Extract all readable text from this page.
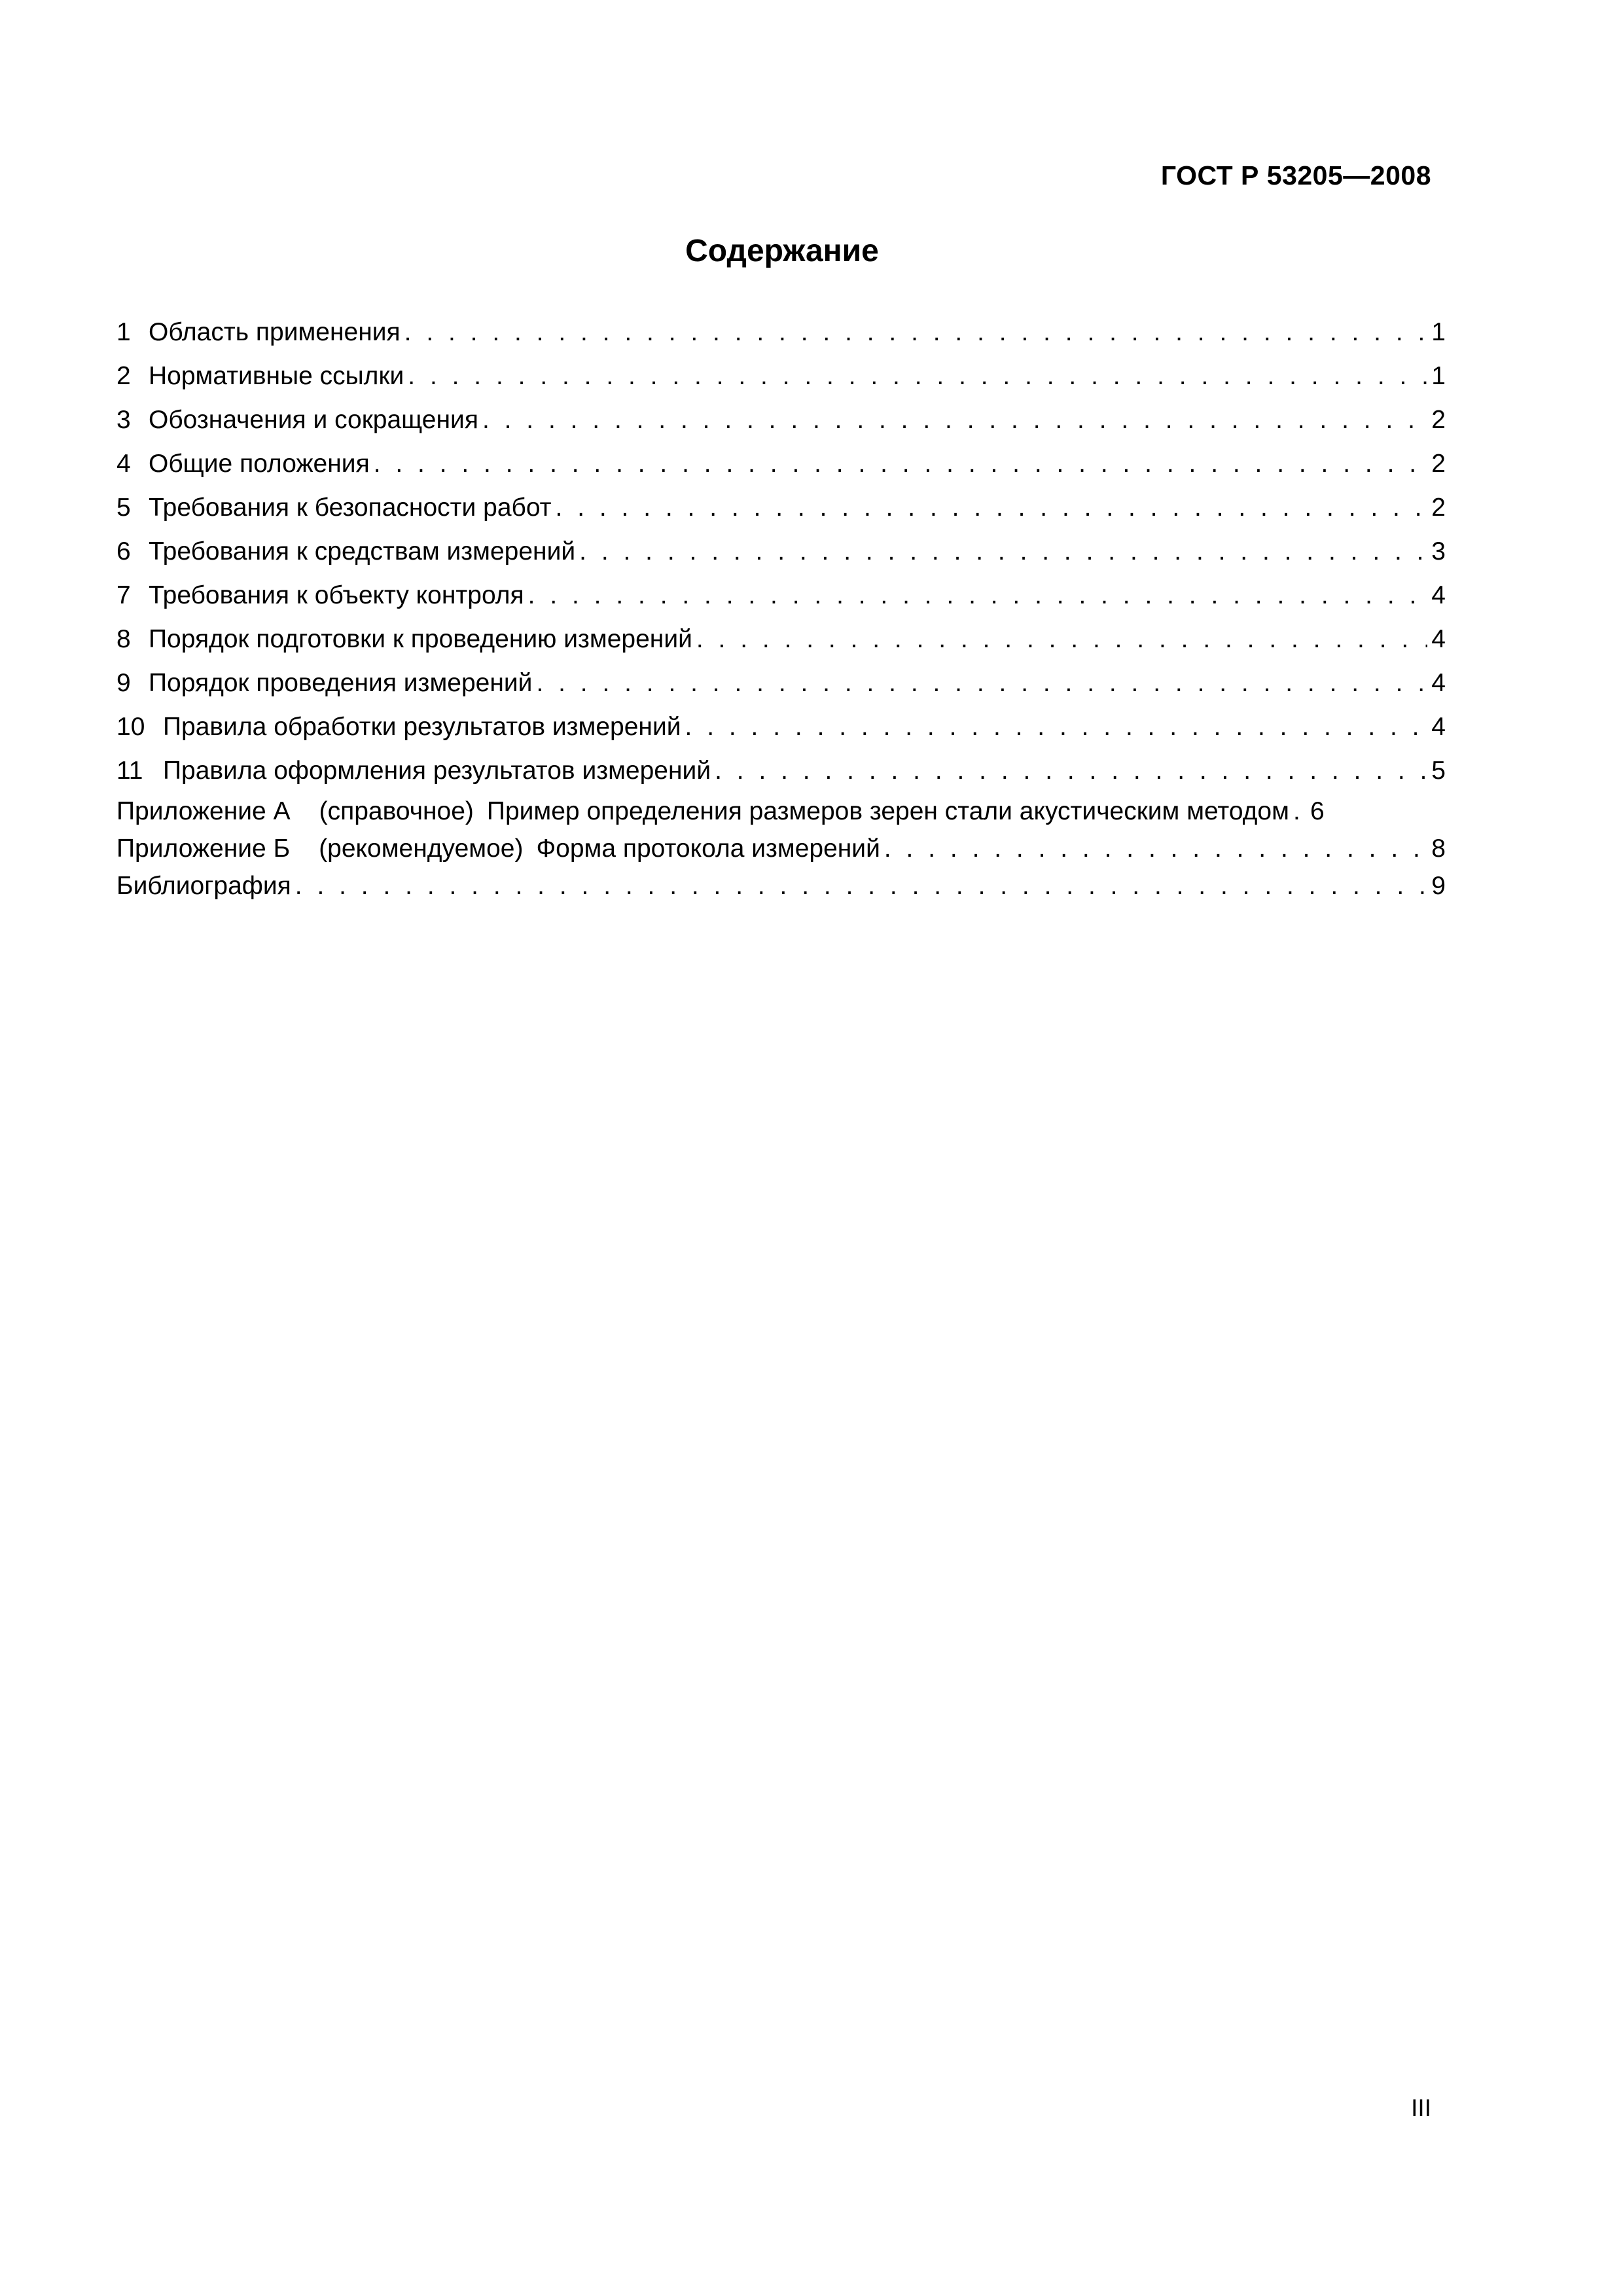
ГОСТ Р 53205—2008
Содержание
1 Область применения . . .	1
2 Нормативные ссылки . . .	1
3 Обозначения и сокращения . . .	2
4 Общие положения . . .	2
5 Требования к безопасности работ . . .	2
6 Требования к средствам измерений . . .	3
7 Требования к объекту контроля . . .	4
8 Порядок подготовки к проведению измерений . . .	4
9 Порядок проведения измерений . . .	4
10 Правила обработки результатов измерений . . .	4
11 Правила оформления результатов измерений . . .	5
Приложение А (справочное) Пример определения размеров зерен стали акустическим методом . . . 6
Приложение Б (рекомендуемое) Форма протокола измерений . . .	8
Библиография . . .	9
III
